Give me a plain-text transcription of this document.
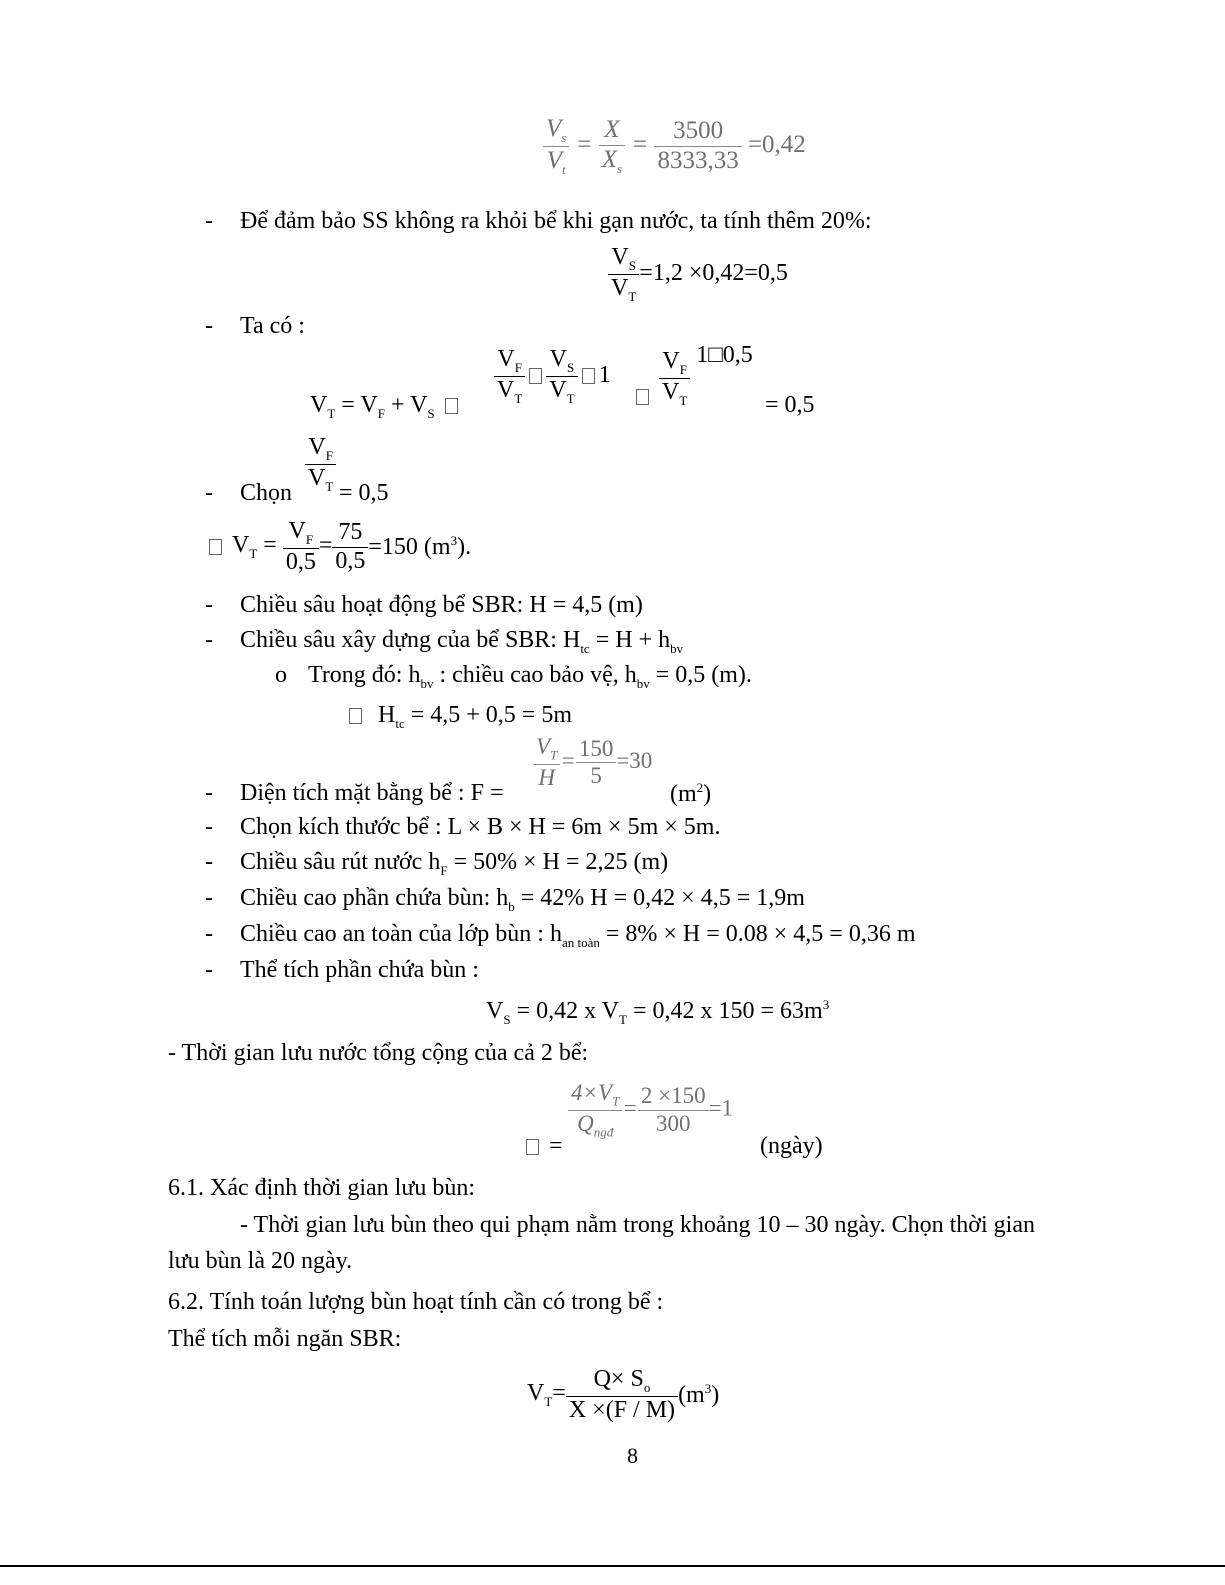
$\frac{V_s}{V_t} = \frac{X}{X_s} = \frac{3500}{8333,33} =0,42$
- Để đảm bảo SS không ra khỏi bể khi gạn nước, ta tính thêm 20%:
$\frac{V_S}{V_T} =1,2 \times 0,42=0,5$
- Ta có :
$V_T = V_F + V_S$
$\frac{V_F}{V_T} \frac{V_S}{V_T} 1$
$\frac{V_F}{V_T}$ 1□0,5
= 0,5
$\frac{V_F}{V_T}$
- Chọn = 0,5
$V_T = \frac{V_F}{0,5} = \frac{75}{0,5} =150$ $(m^3)$.
- Chiều sâu hoạt động bể SBR: H = 4,5 (m)
- Chiều sâu xây dựng của bể SBR: $H_{tc} = H + h_{bv}$
o Trong đó: $h_{bv}$ : chiều cao bảo vệ, $h_{bv} = 0,5$ (m).
$H_{tc} = 4,5 + 0,5 = 5m$
$\frac{V_T}{H} = \frac{150}{5} =30$
- Diện tích mặt bằng bể : F =	$(m^2)$
- Chọn kích thước bể : L × B × H = 6m × 5m × 5m.
- Chiều sâu rút nước $h_F = 50\% \times H = 2,25$ (m)
- Chiều cao phần chứa bùn: $h_b = 42\%$ H = 0,42 × 4,5 = 1,9m
- Chiều cao an toàn của lớp bùn : $h_{an toàn} = 8\% \times H = 0.08 \times 4,5 = 0,36$ m
- Thể tích phần chứa bùn :
$V_S = 0,42$ x $V_T = 0,42$ x $150 = 63m^3$
- Thời gian lưu nước tổng cộng của cả 2 bể:
$\frac{4\times V_T}{Q_{ngđ}} = \frac{2 \times 150}{300} =1$
=	(ngày)
6.1. Xác định thời gian lưu bùn:
- Thời gian lưu bùn theo qui phạm nằm trong khoảng 10 – 30 ngày. Chọn thời gian
lưu bùn là 20 ngày.
6.2. Tính toán lượng bùn hoạt tính cần có trong bể :
Thể tích mỗi ngăn SBR:
$V_T= \frac{Q\times S_o}{X \times(F / M)} (m^3)$
8
